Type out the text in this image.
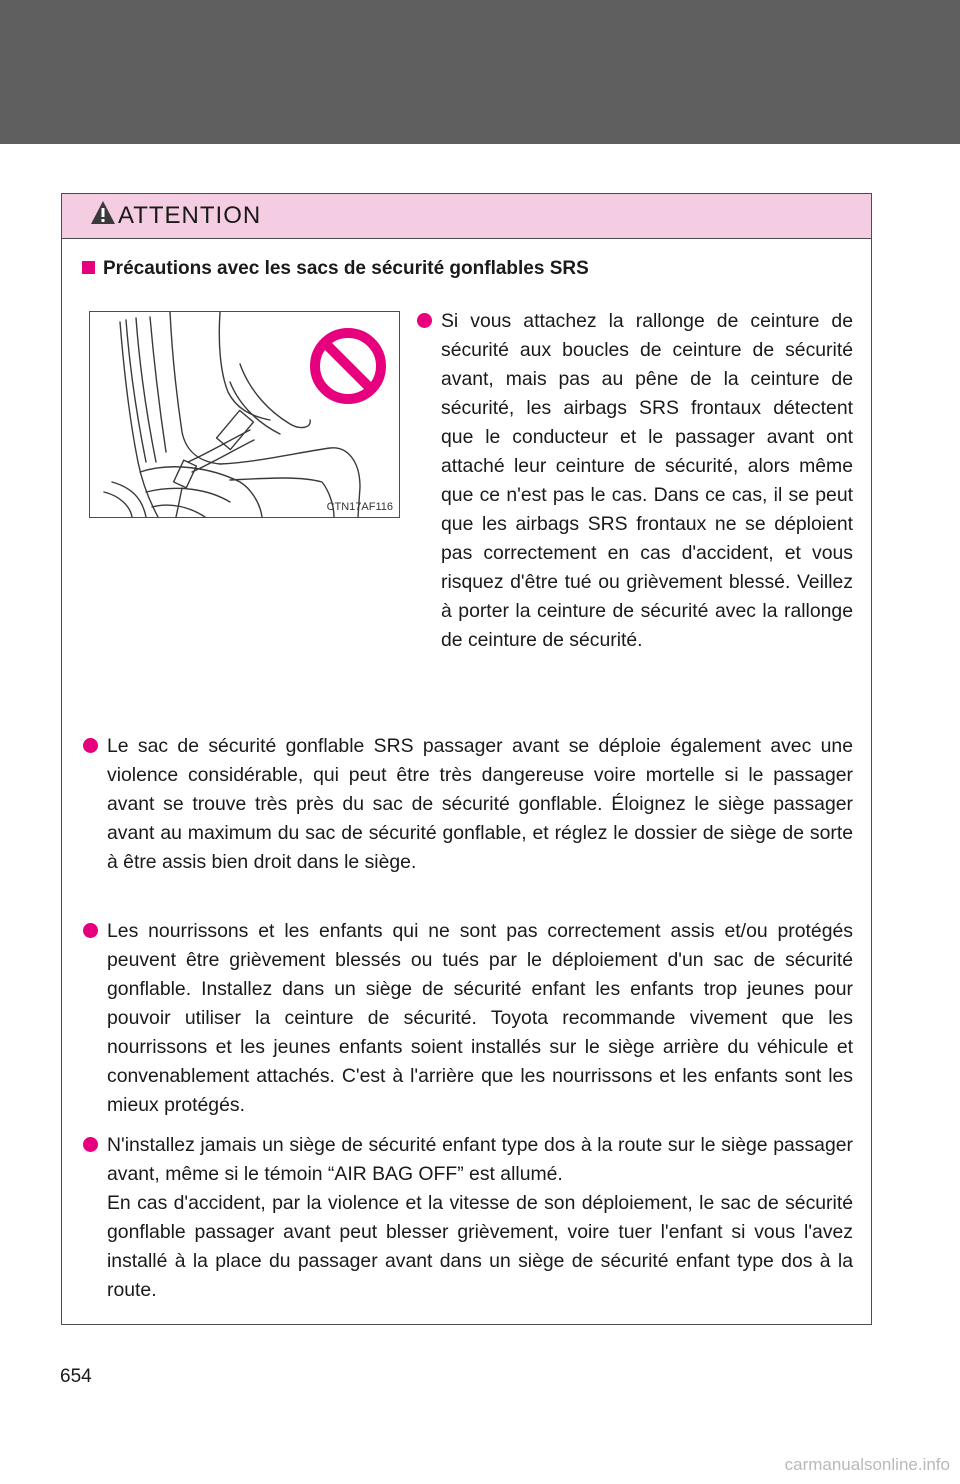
ATTENTION
Précautions avec les sacs de sécurité gonflables SRS
CTN17AF116
Si vous attachez la rallonge de ceinture de sécurité aux boucles de ceinture de sécurité avant, mais pas au pêne de la ceinture de sécurité, les airbags SRS frontaux détectent que le conducteur et le passager avant ont attaché leur ceinture de sécurité, alors même que ce n'est pas le cas. Dans ce cas, il se peut que les airbags SRS frontaux ne se déploient pas correctement en cas d'accident, et vous risquez d'être tué ou grièvement blessé. Veillez à porter la ceinture de sécurité avec la rallonge de ceinture de sécurité.
Le sac de sécurité gonflable SRS passager avant se déploie également avec une violence considérable, qui peut être très dangereuse voire mortelle si le passager avant se trouve très près du sac de sécurité gonflable. Éloignez le siège passager avant au maximum du sac de sécurité gonflable, et réglez le dossier de siège de sorte à être assis bien droit dans le siège.
Les nourrissons et les enfants qui ne sont pas correctement assis et/ou protégés peuvent être grièvement blessés ou tués par le déploiement d'un sac de sécurité gonflable. Installez dans un siège de sécurité enfant les enfants trop jeunes pour pouvoir utiliser la ceinture de sécurité. Toyota recommande vivement que les nourrissons et les jeunes enfants soient installés sur le siège arrière du véhicule et convenablement attachés. C'est à l'arrière que les nourrissons et les enfants sont les mieux protégés.
N'installez jamais un siège de sécurité enfant type dos à la route sur le siège passager avant, même si le témoin “AIR BAG OFF” est allumé.
En cas d'accident, par la violence et la vitesse de son déploiement, le sac de sécurité gonflable passager avant peut blesser grièvement, voire tuer l'enfant si vous l'avez installé à la place du passager avant dans un siège de sécurité enfant type dos à la route.
654
carmanualsonline.info
